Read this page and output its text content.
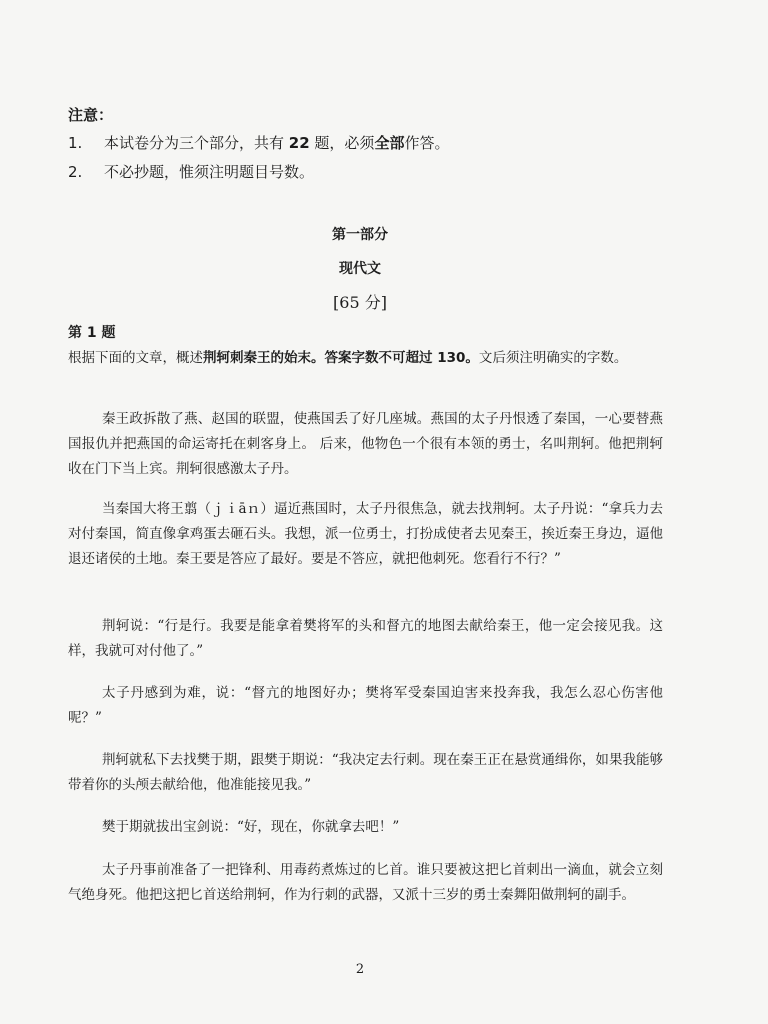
注意：
1. 本试卷分为三个部分，共有 22 题，必须全部作答。
2. 不必抄题，惟须注明题目号数。
第一部分
现代文
[65 分]
第 1 题
根据下面的文章，概述荆轲刺秦王的始末。答案字数不可超过 130。文后须注明确实的字数。
秦王政拆散了燕、赵国的联盟，使燕国丢了好几座城。燕国的太子丹恨透了秦国，一心要替燕国报仇并把燕国的命运寄托在刺客身上。 后来，他物色一个很有本领的勇士，名叫荆轲。他把荆轲收在门下当上宾。荆轲很感激太子丹。
当秦国大将王翦（ｊｉāｎ）逼近燕国时，太子丹很焦急，就去找荆轲。太子丹说：“拿兵力去对付秦国，简直像拿鸡蛋去砸石头。我想，派一位勇士，打扮成使者去见秦王，挨近秦王身边，逼他退还诸侯的土地。秦王要是答应了最好。要是不答应，就把他刺死。您看行不行？”
荆轲说：“行是行。我要是能拿着樊将军的头和督亢的地图去献给秦王，他一定会接见我。这样，我就可对付他了。”
太子丹感到为难，说：“督亢的地图好办；樊将军受秦国迫害来投奔我，我怎么忍心伤害他呢？”
荆轲就私下去找樊于期，跟樊于期说：“我决定去行刺。现在秦王正在悬赏通缉你，如果我能够带着你的头颅去献给他，他准能接见我。”
樊于期就拔出宝剑说：“好，现在，你就拿去吧！”
太子丹事前准备了一把锋利、用毒药煮炼过的匕首。谁只要被这把匕首刺出一滴血，就会立刻气绝身死。他把这把匕首送给荆轲，作为行刺的武器，又派十三岁的勇士秦舞阳做荆轲的副手。
2
